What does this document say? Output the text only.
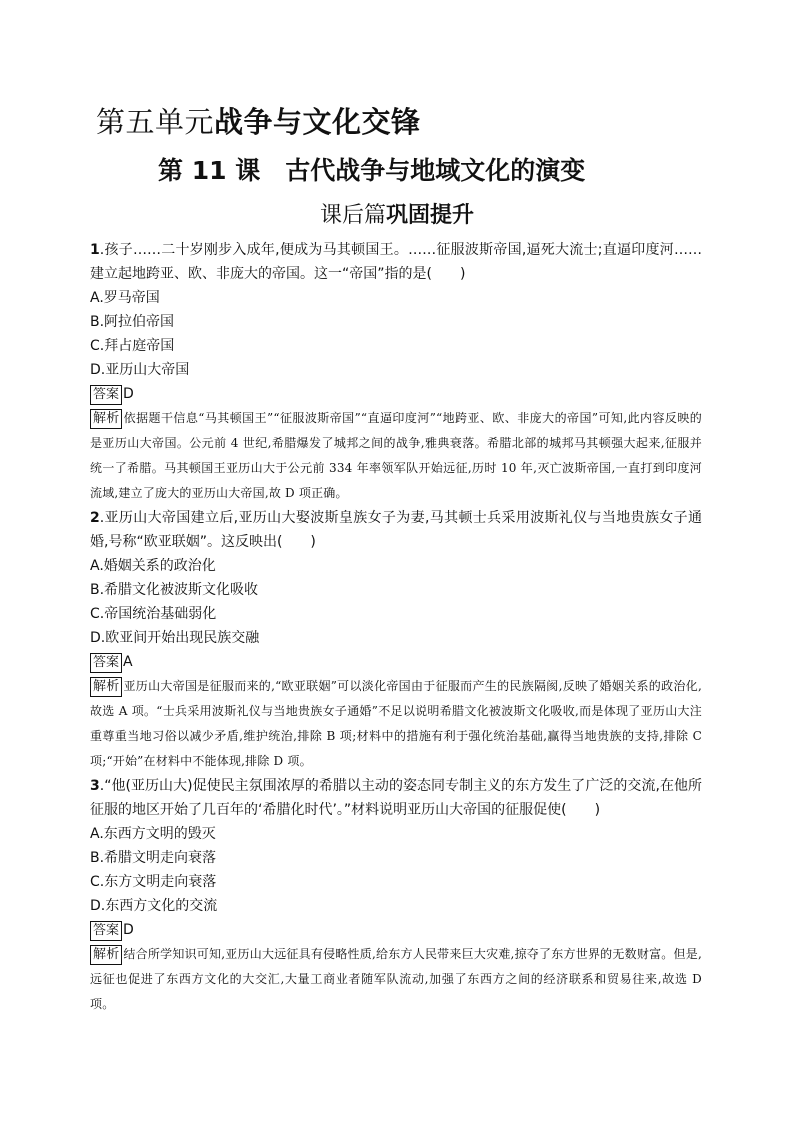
第五单元战争与文化交锋
第 11 课　古代战争与地域文化的演变
课后篇巩固提升
1.孩子……二十岁刚步入成年,便成为马其顿国王。……征服波斯帝国,逼死大流士;直逼印度河……建立起地跨亚、欧、非庞大的帝国。这一“帝国”指的是(　　)
A.罗马帝国
B.阿拉伯帝国
C.拜占庭帝国
D.亚历山大帝国
答案 D
解析 依据题干信息“马其顿国王”“征服波斯帝国”“直逼印度河”“地跨亚、欧、非庞大的帝国”可知,此内容反映的是亚历山大帝国。公元前 4 世纪,希腊爆发了城邦之间的战争,雅典衰落。希腊北部的城邦马其顿强大起来,征服并统一了希腊。马其顿国王亚历山大于公元前 334 年率领军队开始远征,历时 10 年,灭亡波斯帝国,一直打到印度河流域,建立了庞大的亚历山大帝国,故 D 项正确。
2.亚历山大帝国建立后,亚历山大娶波斯皇族女子为妻,马其顿士兵采用波斯礼仪与当地贵族女子通婚,号称“欧亚联姻”。这反映出(　　)
A.婚姻关系的政治化
B.希腊文化被波斯文化吸收
C.帝国统治基础弱化
D.欧亚间开始出现民族交融
答案 A
解析 亚历山大帝国是征服而来的,“欧亚联姻”可以淡化帝国由于征服而产生的民族隔阂,反映了婚姻关系的政治化,故选 A 项。“士兵采用波斯礼仪与当地贵族女子通婚”不足以说明希腊文化被波斯文化吸收,而是体现了亚历山大注重尊重当地习俗以减少矛盾,维护统治,排除 B 项;材料中的措施有利于强化统治基础,赢得当地贵族的支持,排除 C 项;“开始”在材料中不能体现,排除 D 项。
3.“他(亚历山大)促使民主氛围浓厚的希腊以主动的姿态同专制主义的东方发生了广泛的交流,在他所征服的地区开始了几百年的‘希腊化时代’。”材料说明亚历山大帝国的征服促使(　　)
A.东西方文明的毁灭
B.希腊文明走向衰落
C.东方文明走向衰落
D.东西方文化的交流
答案 D
解析 结合所学知识可知,亚历山大远征具有侵略性质,给东方人民带来巨大灾难,掠夺了东方世界的无数财富。但是,远征也促进了东西方文化的大交汇,大量工商业者随军队流动,加强了东西方之间的经济联系和贸易往来,故选 D 项。
